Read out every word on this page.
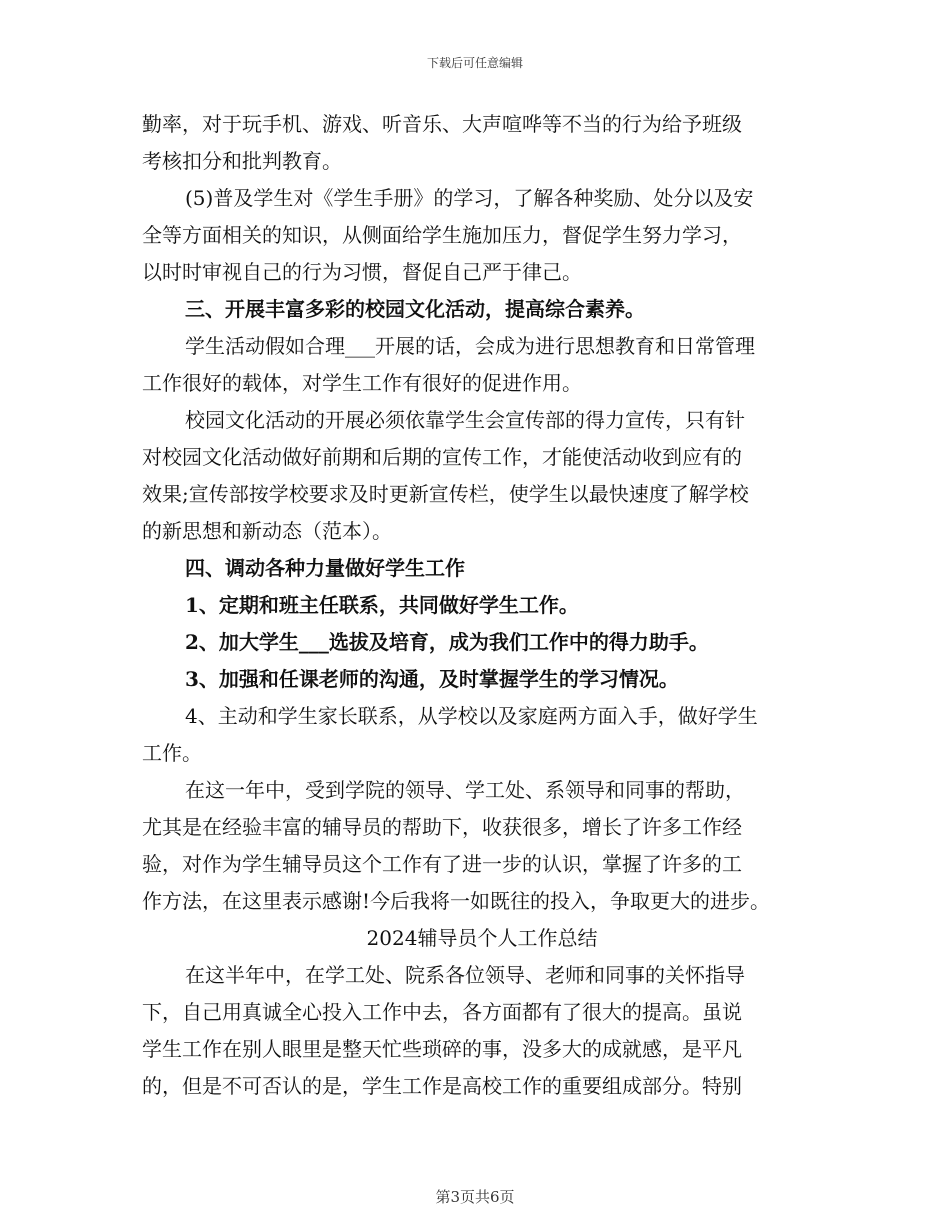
下载后可任意编辑
勤率，对于玩手机、游戏、听音乐、大声喧哗等不当的行为给予班级
考核扣分和批判教育。
(5)普及学生对《学生手册》的学习，了解各种奖励、处分以及安
全等方面相关的知识，从侧面给学生施加压力，督促学生努力学习，
以时时审视自己的行为习惯，督促自己严于律己。
三、开展丰富多彩的校园文化活动，提高综合素养。
学生活动假如合理___开展的话，会成为进行思想教育和日常管理
工作很好的载体，对学生工作有很好的促进作用。
校园文化活动的开展必须依靠学生会宣传部的得力宣传，只有针
对校园文化活动做好前期和后期的宣传工作，才能使活动收到应有的
效果;宣传部按学校要求及时更新宣传栏，使学生以最快速度了解学校
的新思想和新动态（范本）。
四、调动各种力量做好学生工作
1、定期和班主任联系，共同做好学生工作。
2、加大学生___选拔及培育，成为我们工作中的得力助手。
3、加强和任课老师的沟通，及时掌握学生的学习情况。
4、主动和学生家长联系，从学校以及家庭两方面入手，做好学生
工作。
在这一年中，受到学院的领导、学工处、系领导和同事的帮助，
尤其是在经验丰富的辅导员的帮助下，收获很多，增长了许多工作经
验，对作为学生辅导员这个工作有了进一步的认识，掌握了许多的工
作方法，在这里表示感谢!今后我将一如既往的投入，争取更大的进步。
2024辅导员个人工作总结
在这半年中，在学工处、院系各位领导、老师和同事的关怀指导
下，自己用真诚全心投入工作中去，各方面都有了很大的提高。虽说
学生工作在别人眼里是整天忙些琐碎的事，没多大的成就感，是平凡
的，但是不可否认的是，学生工作是高校工作的重要组成部分。特别
第3页共6页
